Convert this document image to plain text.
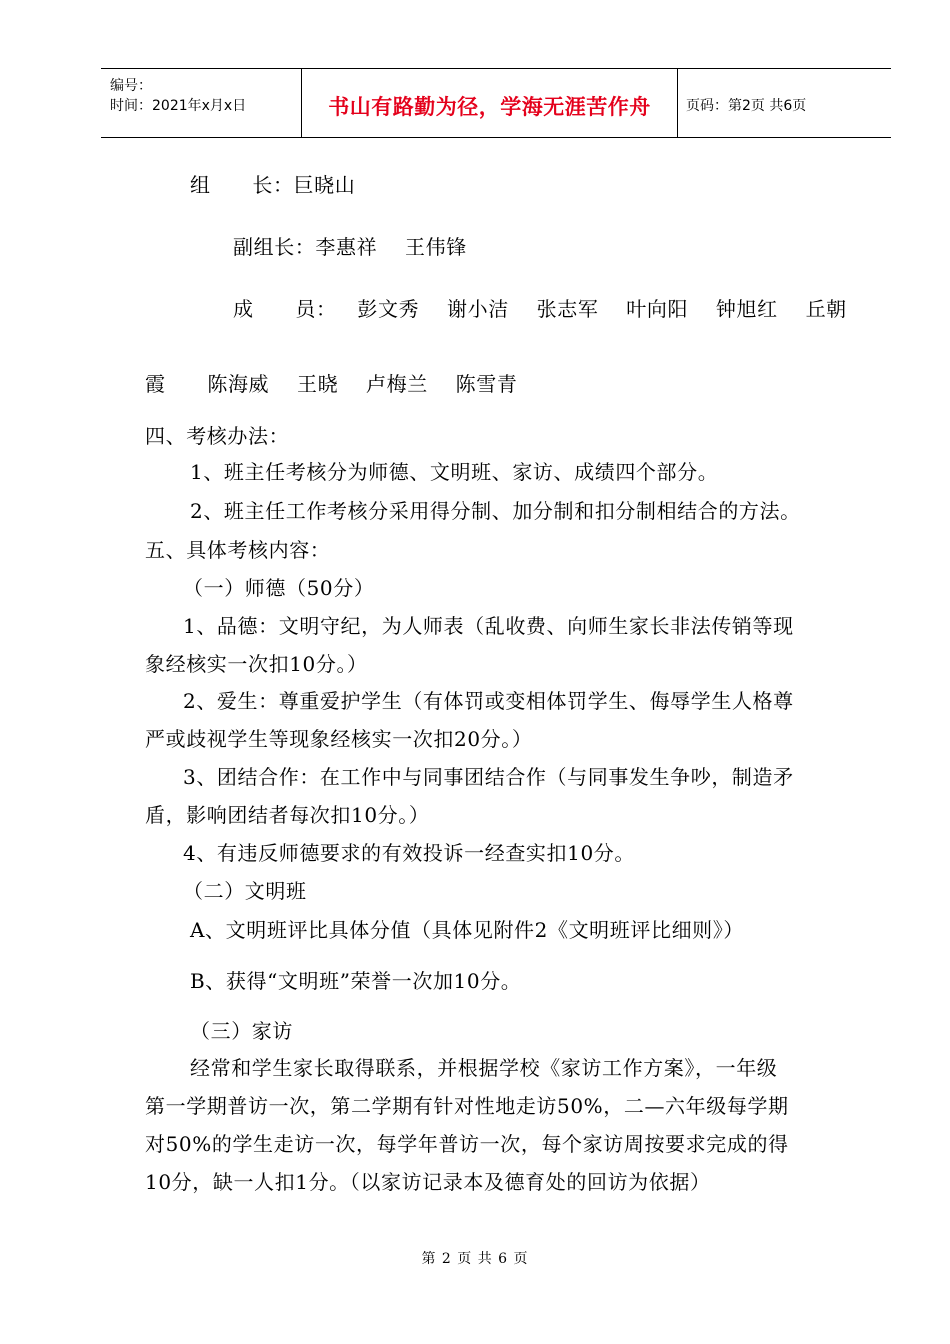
编号：
时间：2021年x月x日	书山有路勤为径，学海无涯苦作舟	页码：第2页 共6页
组      长：巨晓山
副组长：李惠祥    王伟锋
成      员：   彭文秀    谢小洁    张志军    叶向阳    钟旭红    丘朝
霞      陈海威    王晓    卢梅兰    陈雪青
四、考核办法：
1、班主任考核分为师德、文明班、家访、成绩四个部分。
2、班主任工作考核分采用得分制、加分制和扣分制相结合的方法。
五、具体考核内容：
（一）师德（50分）
1、品德：文明守纪，为人师表（乱收费、向师生家长非法传销等现
象经核实一次扣10分。）
2、爱生：尊重爱护学生（有体罚或变相体罚学生、侮辱学生人格尊
严或歧视学生等现象经核实一次扣20分。）
3、团结合作：在工作中与同事团结合作（与同事发生争吵，制造矛
盾，影响团结者每次扣10分。）
4、有违反师德要求的有效投诉一经查实扣10分。
（二）文明班
A、文明班评比具体分值（具体见附件2《文明班评比细则》）
B、获得“文明班”荣誉一次加10分。
（三）家访
经常和学生家长取得联系，并根据学校《家访工作方案》，一年级
第一学期普访一次，第二学期有针对性地走访50%，二—六年级每学期
对50%的学生走访一次，每学年普访一次，每个家访周按要求完成的得
10分，缺一人扣1分。（以家访记录本及德育处的回访为依据）
第 2 页 共 6 页
